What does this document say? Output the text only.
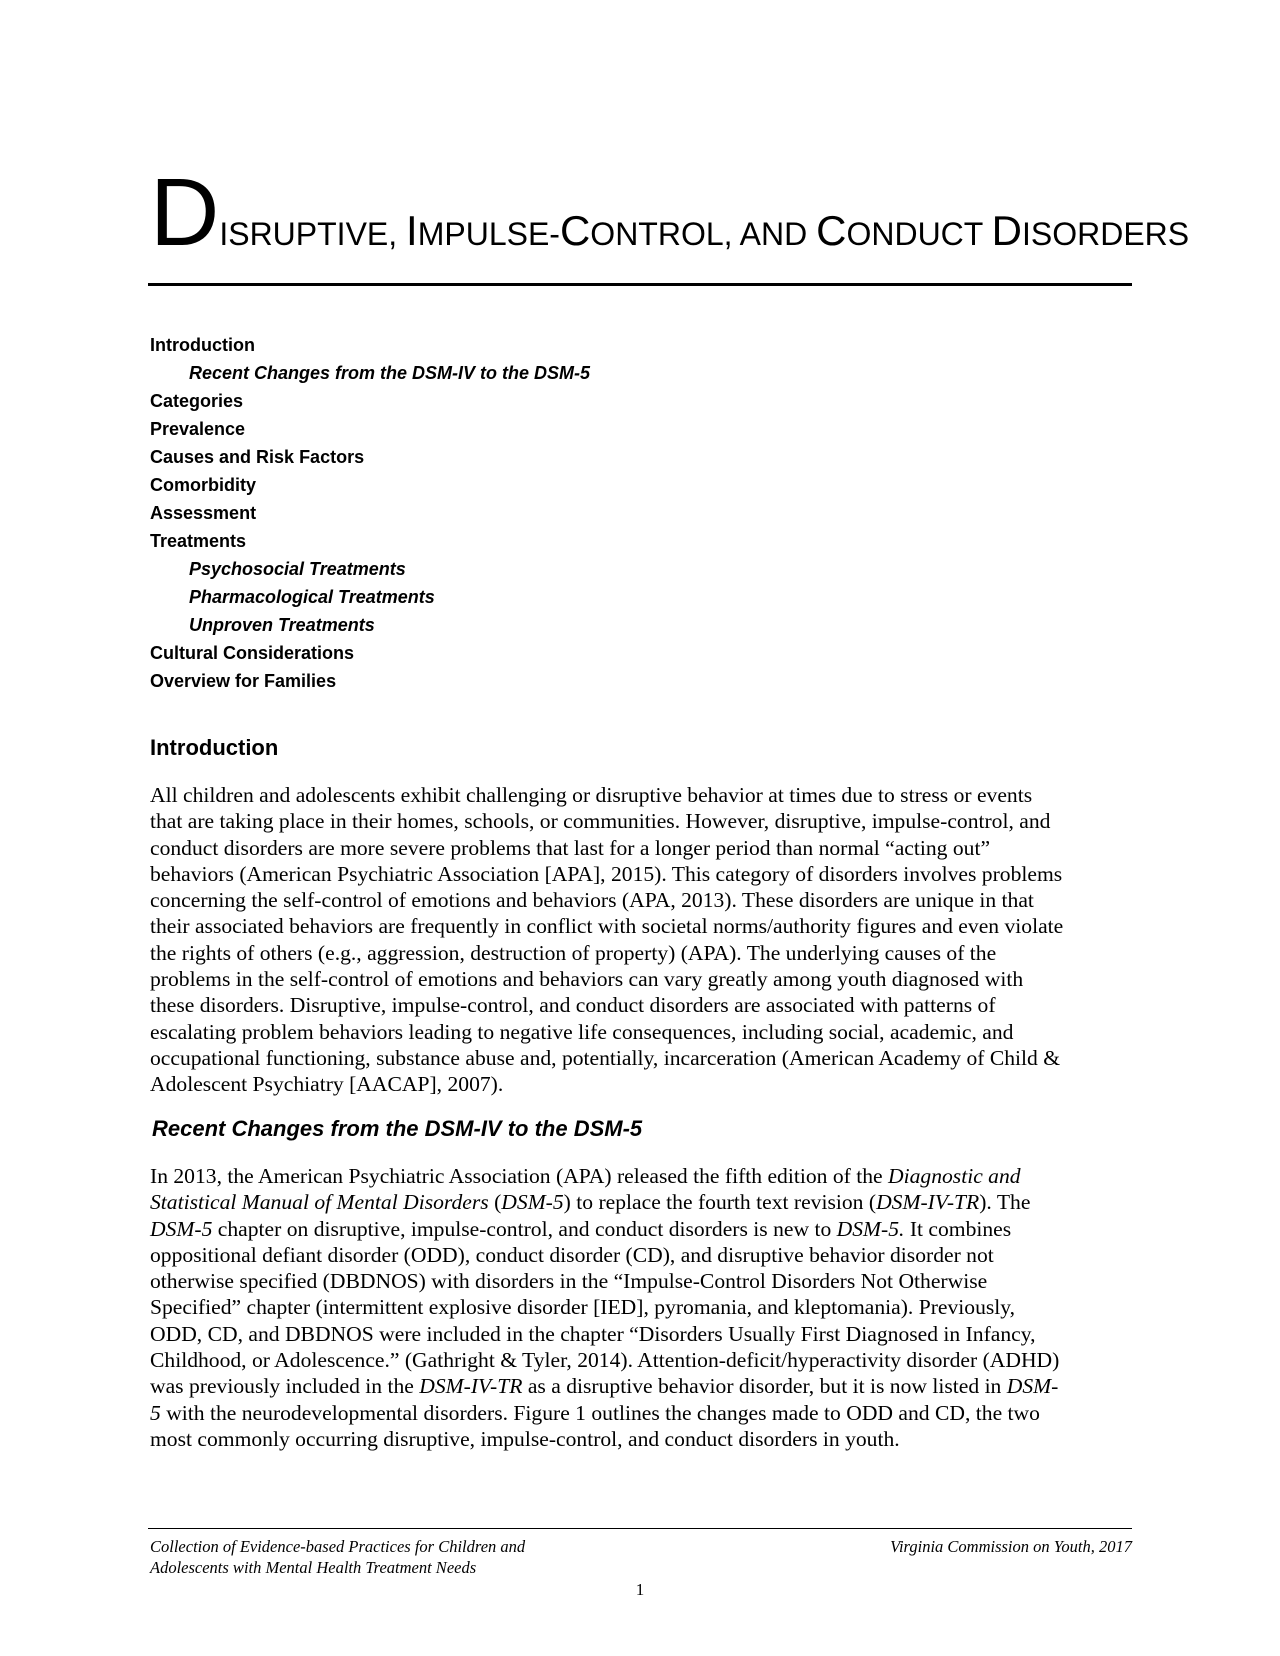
DISRUPTIVE, IMPULSE-CONTROL, AND CONDUCT DISORDERS
Introduction
Recent Changes from the DSM-IV to the DSM-5
Categories
Prevalence
Causes and Risk Factors
Comorbidity
Assessment
Treatments
Psychosocial Treatments
Pharmacological Treatments
Unproven Treatments
Cultural Considerations
Overview for Families
Introduction

All children and adolescents exhibit challenging or disruptive behavior at times due to stress or events
that are taking place in their homes, schools, or communities. However, disruptive, impulse-control, and
conduct disorders are more severe problems that last for a longer period than normal “acting out”
behaviors (American Psychiatric Association [APA], 2015). This category of disorders involves problems
concerning the self-control of emotions and behaviors (APA, 2013). These disorders are unique in that
their associated behaviors are frequently in conflict with societal norms/authority figures and even violate
the rights of others (e.g., aggression, destruction of property) (APA). The underlying causes of the
problems in the self-control of emotions and behaviors can vary greatly among youth diagnosed with
these disorders. Disruptive, impulse-control, and conduct disorders are associated with patterns of
escalating problem behaviors leading to negative life consequences, including social, academic, and
occupational functioning, substance abuse and, potentially, incarceration (American Academy of Child &
Adolescent Psychiatry [AACAP], 2007).

Recent Changes from the DSM-IV to the DSM-5

In 2013, the American Psychiatric Association (APA) released the fifth edition of the Diagnostic and
Statistical Manual of Mental Disorders (DSM-5) to replace the fourth text revision (DSM-IV-TR). The
DSM-5 chapter on disruptive, impulse-control, and conduct disorders is new to DSM-5. It combines
oppositional defiant disorder (ODD), conduct disorder (CD), and disruptive behavior disorder not
otherwise specified (DBDNOS) with disorders in the “Impulse-Control Disorders Not Otherwise
Specified” chapter (intermittent explosive disorder [IED], pyromania, and kleptomania). Previously,
ODD, CD, and DBDNOS were included in the chapter “Disorders Usually First Diagnosed in Infancy,
Childhood, or Adolescence.” (Gathright & Tyler, 2014). Attention-deficit/hyperactivity disorder (ADHD)
was previously included in the DSM-IV-TR as a disruptive behavior disorder, but it is now listed in DSM-
5 with the neurodevelopmental disorders. Figure 1 outlines the changes made to ODD and CD, the two
most commonly occurring disruptive, impulse-control, and conduct disorders in youth.

Collection of Evidence-based Practices for Children and
Adolescents with Mental Health Treatment Needs
Virginia Commission on Youth, 2017
1
